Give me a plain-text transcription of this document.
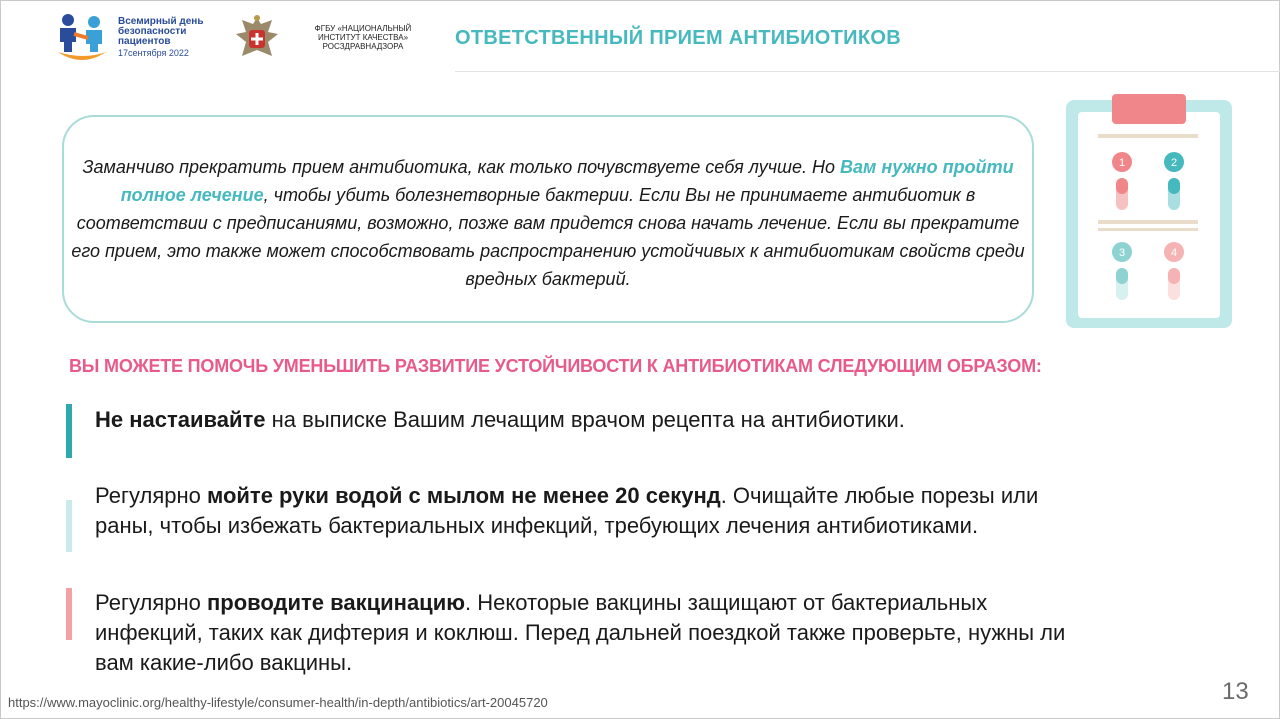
Всемирный день
безопасности
пациентов
17сентября 2022
ФГБУ «НАЦИОНАЛЬНЫЙ
ИНСТИТУТ КАЧЕСТВА»
РОСЗДРАВНАДЗОРА	ОТВЕТСТВЕННЫЙ ПРИЕМ АНТИБИОТИКОВ
Заманчиво прекратить прием антибиотика, как только почувствуете себя лучше. Но Вам нужно пройти полное лечение, чтобы убить болезнетворные бактерии. Если Вы не принимаете антибиотик в соответствии с предписаниями, возможно, позже вам придется снова начать лечение. Если вы прекратите его прием, это также может способствовать распространению устойчивых к антибиотикам свойств среди вредных бактерий.
1	2
3	4
ВЫ МОЖЕТЕ ПОМОЧЬ УМЕНЬШИТЬ РАЗВИТИЕ УСТОЙЧИВОСТИ К АНТИБИОТИКАМ СЛЕДУЮЩИМ ОБРАЗОМ:
Не настаивайте на выписке Вашим лечащим врачом рецепта на антибиотики.
Регулярно мойте руки водой с мылом не менее 20 секунд. Очищайте любые порезы или раны, чтобы избежать бактериальных инфекций, требующих лечения антибиотиками.
Регулярно проводите вакцинацию. Некоторые вакцины защищают от бактериальных инфекций, таких как дифтерия и коклюш. Перед дальней поездкой также проверьте, нужны ли вам какие-либо вакцины.
https://www.mayoclinic.org/healthy-lifestyle/consumer-health/in-depth/antibiotics/art-20045720	13
